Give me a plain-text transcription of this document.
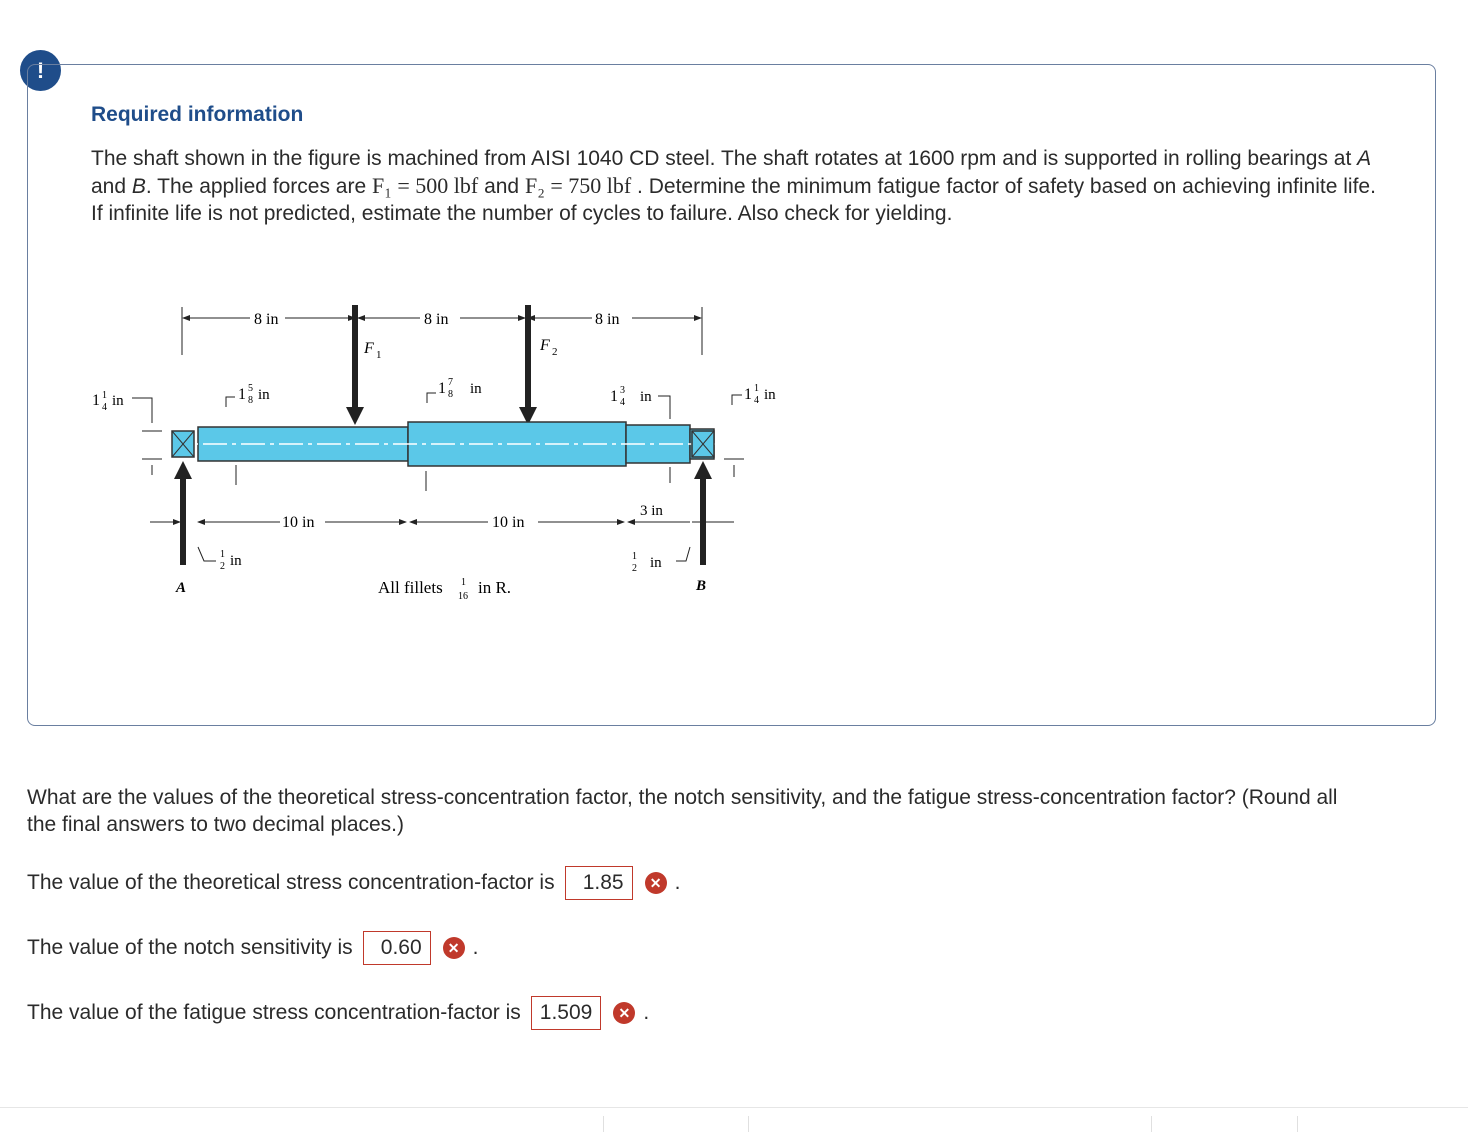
!
Required information
The shaft shown in the figure is machined from AISI 1040 CD steel. The shaft rotates at 1600 rpm and is supported in rolling bearings at A and B. The applied forces are F₁ = 500 lbf and F₂ = 750 lbf . Determine the minimum fatigue factor of safety based on achieving infinite life. If infinite life is not predicted, estimate the number of cycles to failure. Also check for yielding.
8 in	8 in	8 in
F 1
F 2
A	B
1 1
4 in	1 5
8 in	1 7
8 in	1 3
4 in	1 1
4 in
10 in	10 in
3 in
1
2 in	1
2 in
All fillets 1
16 in R.
What are the values of the theoretical stress-concentration factor, the notch sensitivity, and the fatigue stress-concentration factor? (Round all the final answers to two decimal places.)
The value of the theoretical stress concentration-factor is	1.85	✕ .
The value of the notch sensitivity is	0.60	✕ .
The value of the fatigue stress concentration-factor is 1.509	✕ .
